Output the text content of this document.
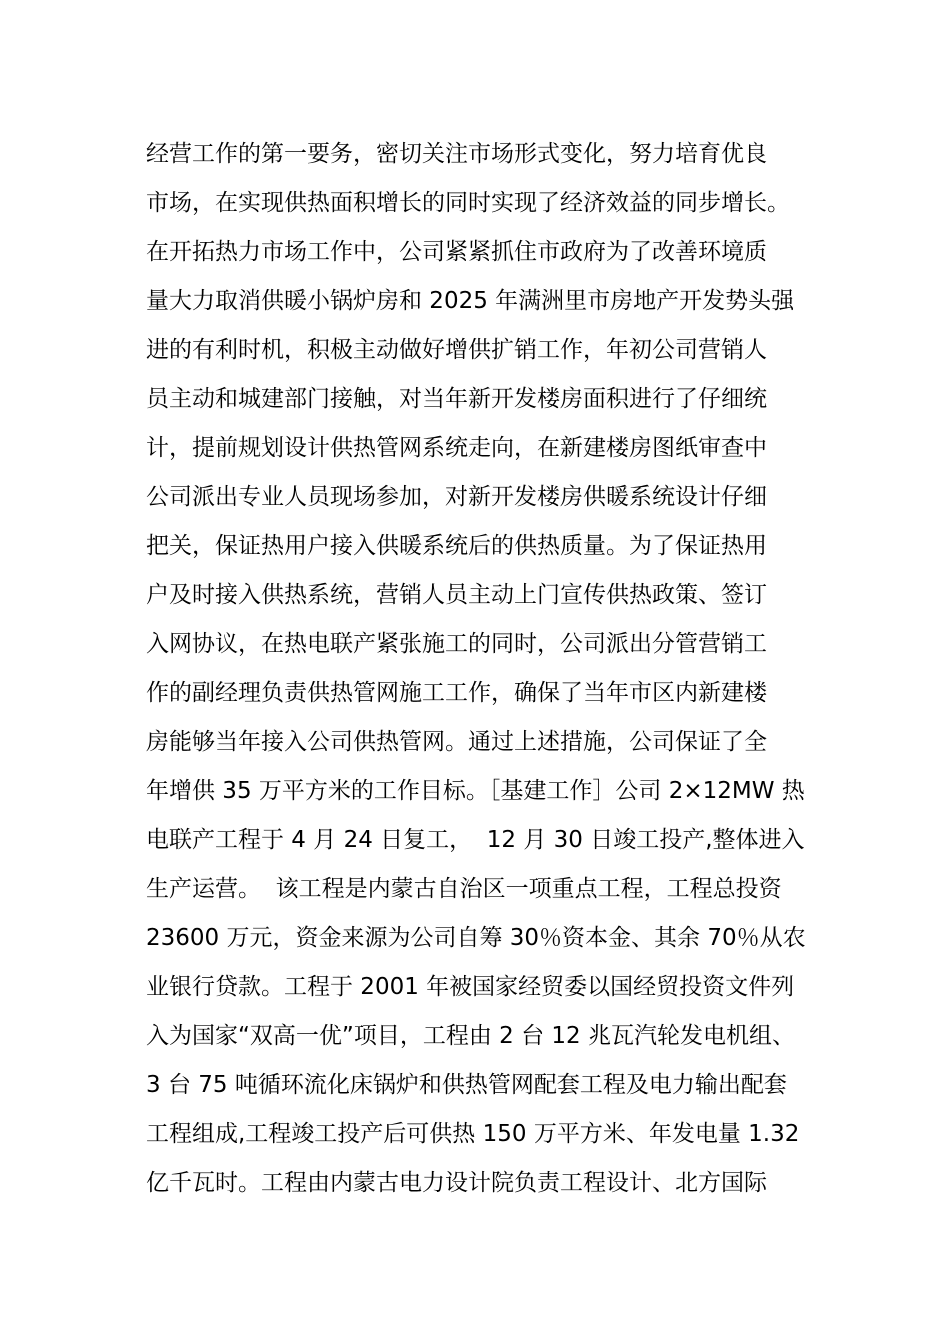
经营工作的第一要务，密切关注市场形式变化，努力培育优良
市场，在实现供热面积增长的同时实现了经济效益的同步增长。
在开拓热力市场工作中，公司紧紧抓住市政府为了改善环境质
量大力取消供暖小锅炉房和 2025 年满洲里市房地产开发势头强
进的有利时机，积极主动做好增供扩销工作，年初公司营销人
员主动和城建部门接触，对当年新开发楼房面积进行了仔细统
计，提前规划设计供热管网系统走向，在新建楼房图纸审查中
公司派出专业人员现场参加，对新开发楼房供暖系统设计仔细
把关，保证热用户接入供暖系统后的供热质量。为了保证热用
户及时接入供热系统，营销人员主动上门宣传供热政策、签订
入网协议，在热电联产紧张施工的同时，公司派出分管营销工
作的副经理负责供热管网施工工作，确保了当年市区内新建楼
房能够当年接入公司供热管网。通过上述措施，公司保证了全
年增供 35 万平方米的工作目标。［基建工作］公司 2×12MW 热
电联产工程于 4 月 24 日复工，  12 月 30 日竣工投产,整体进入
生产运营。  该工程是内蒙古自治区一项重点工程，工程总投资
23600 万元，资金来源为公司自筹 30％资本金、其余 70％从农
业银行贷款。工程于 2001 年被国家经贸委以国经贸投资文件列
入为国家“双高一优”项目，工程由 2 台 12 兆瓦汽轮发电机组、
3 台 75 吨循环流化床锅炉和供热管网配套工程及电力输出配套
工程组成,工程竣工投产后可供热 150 万平方米、年发电量 1.32
亿千瓦时。工程由内蒙古电力设计院负责工程设计、北方国际
